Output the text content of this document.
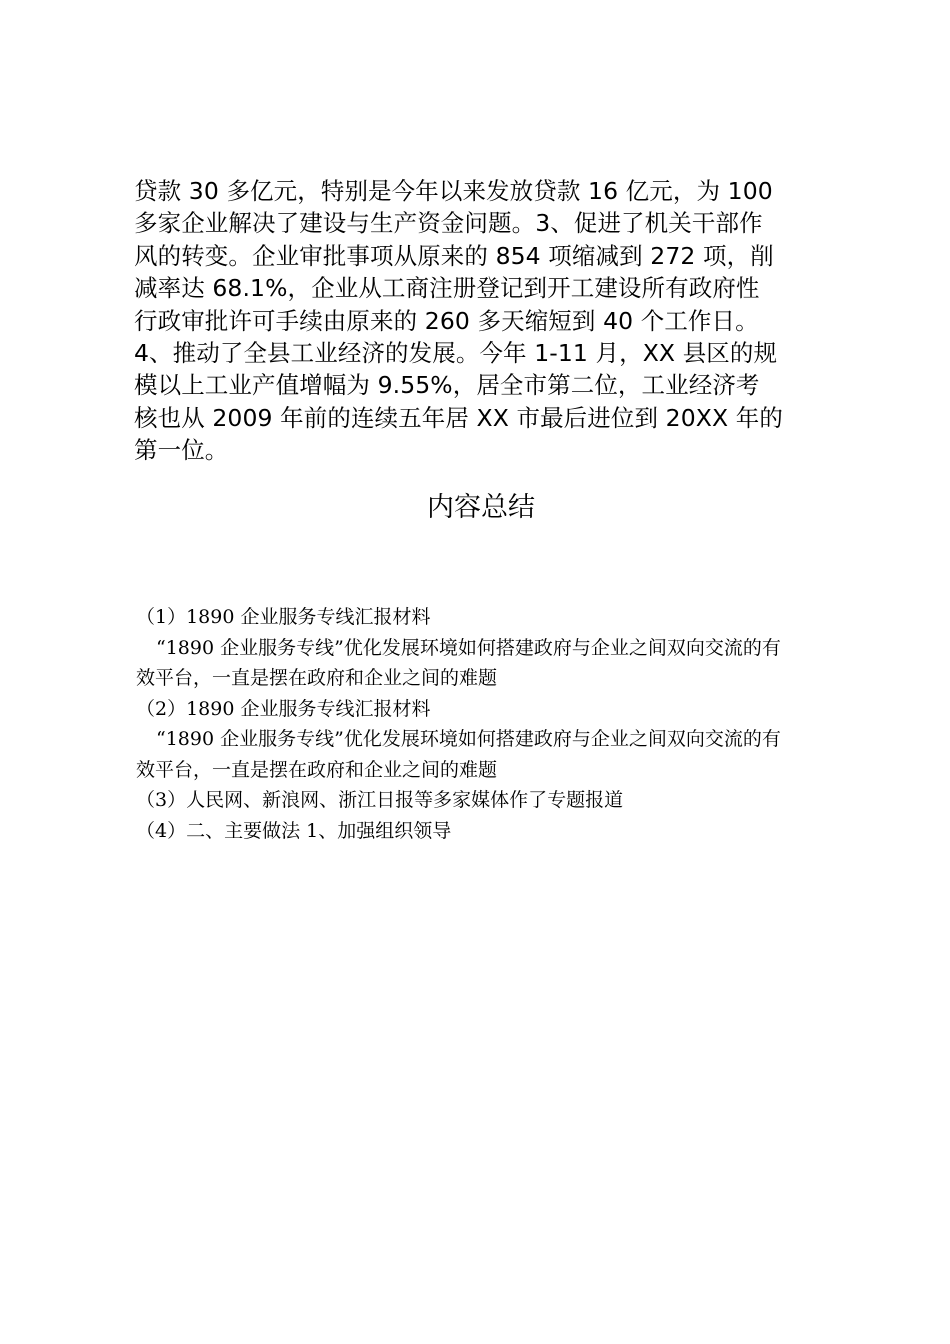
贷款 30 多亿元，特别是今年以来发放贷款 16 亿元，为 100

多家企业解决了建设与生产资金问题。3、促进了机关干部作

风的转变。企业审批事项从原来的 854 项缩减到 272 项，削

减率达 68.1%，企业从工商注册登记到开工建设所有政府性

行政审批许可手续由原来的 260 多天缩短到 40 个工作日。

4、推动了全县工业经济的发展。今年 1-11 月，XX 县区的规

模以上工业产值增幅为 9.55%，居全市第二位，工业经济考

核也从 2009 年前的连续五年居 XX 市最后进位到 20XX 年的

第一位。

内容总结

（1）1890 企业服务专线汇报材料

“1890 企业服务专线”优化发展环境如何搭建政府与企业之间双向交流的有

效平台，一直是摆在政府和企业之间的难题

（2）1890 企业服务专线汇报材料

“1890 企业服务专线”优化发展环境如何搭建政府与企业之间双向交流的有

效平台，一直是摆在政府和企业之间的难题

（3）人民网、新浪网、浙江日报等多家媒体作了专题报道

（4）二、主要做法 1、加强组织领导
